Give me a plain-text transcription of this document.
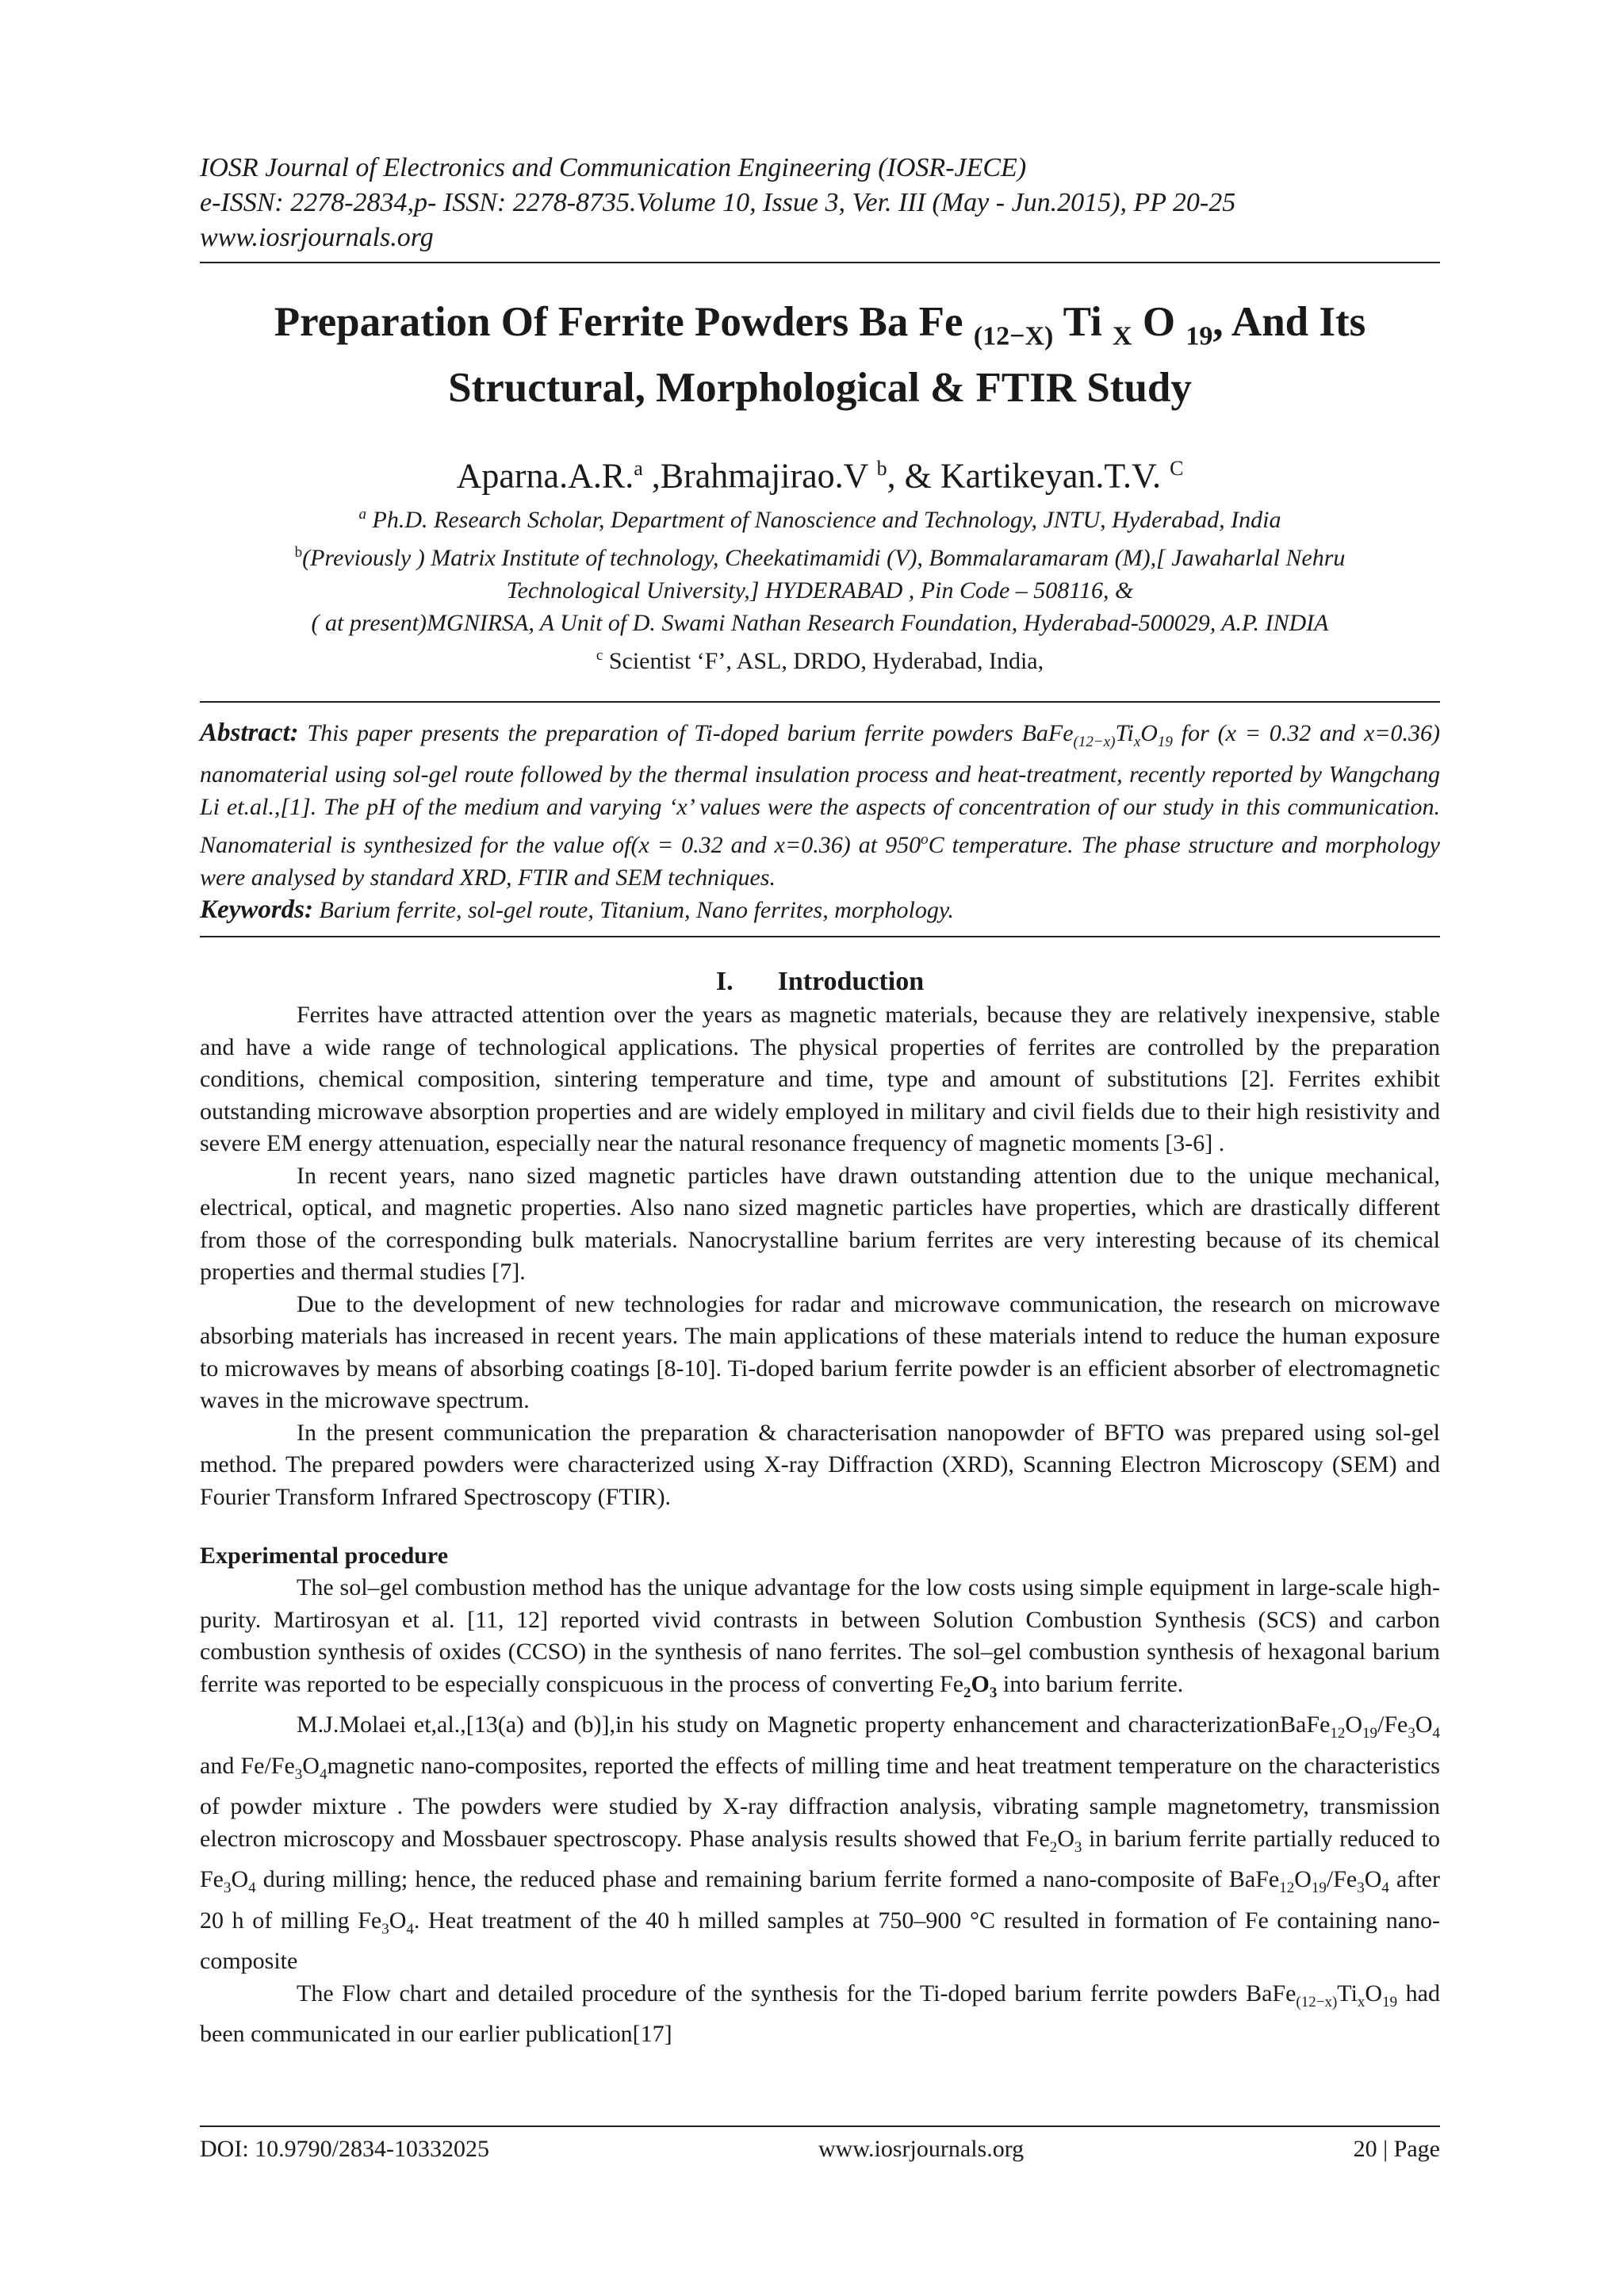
IOSR Journal of Electronics and Communication Engineering (IOSR-JECE)
e-ISSN: 2278-2834,p- ISSN: 2278-8735.Volume 10, Issue 3, Ver. III (May - Jun.2015), PP 20-25
www.iosrjournals.org
Preparation Of Ferrite Powders Ba Fe $_{(12-X)}$ Ti $_X$ O $_{19}$, And Its
Structural, Morphological & FTIR Study
Aparna.A.R.$^a$ ,Brahmajirao.V $^b$, & Kartikeyan.T.V. $^C$
$^a$ Ph.D. Research Scholar, Department of Nanoscience and Technology, JNTU, Hyderabad, India
$^b$(Previously ) Matrix Institute of technology, Cheekatimamidi (V), Bommalaramaram (M),[ Jawaharlal Nehru
Technological University,] HYDERABAD , Pin Code – 508116, &
( at present)MGNIRSA, A Unit of D. Swami Nathan Research Foundation, Hyderabad-500029, A.P. INDIA
$^c$ Scientist ‘F’, ASL, DRDO, Hyderabad, India,
Abstract: This paper presents the preparation of Ti-doped barium ferrite powders $BaFe_{(12-x)}Ti_xO_{19}$ for (x = 0.32 and x=0.36) nanomaterial using sol-gel route followed by the thermal insulation process and heat-treatment, recently reported by Wangchang Li et.al.,[1]. The pH of the medium and varying ‘x’ values were the aspects of concentration of our study in this communication. Nanomaterial is synthesized for the value of(x = 0.32 and x=0.36) at 950$^o$C temperature. The phase structure and morphology were analysed by standard XRD, FTIR and SEM techniques.
Keywords: Barium ferrite, sol-gel route, Titanium, Nano ferrites, morphology.
I. Introduction

Ferrites have attracted attention over the years as magnetic materials, because they are relatively inexpensive, stable and have a wide range of technological applications. The physical properties of ferrites are controlled by the preparation conditions, chemical composition, sintering temperature and time, type and amount of substitutions [2]. Ferrites exhibit outstanding microwave absorption properties and are widely employed in military and civil fields due to their high resistivity and severe EM energy attenuation, especially near the natural resonance frequency of magnetic moments [3-6] .

In recent years, nano sized magnetic particles have drawn outstanding attention due to the unique mechanical, electrical, optical, and magnetic properties. Also nano sized magnetic particles have properties, which are drastically different from those of the corresponding bulk materials. Nanocrystalline barium ferrites are very interesting because of its chemical properties and thermal studies [7].

Due to the development of new technologies for radar and microwave communication, the research on microwave absorbing materials has increased in recent years. The main applications of these materials intend to reduce the human exposure to microwaves by means of absorbing coatings [8-10]. Ti-doped barium ferrite powder is an efficient absorber of electromagnetic waves in the microwave spectrum.

In the present communication the preparation & characterisation nanopowder of BFTO was prepared using sol-gel method. The prepared powders were characterized using X-ray Diffraction (XRD), Scanning Electron Microscopy (SEM) and Fourier Transform Infrared Spectroscopy (FTIR).

Experimental procedure

The sol–gel combustion method has the unique advantage for the low costs using simple equipment in large-scale high-purity. Martirosyan et al. [11, 12] reported vivid contrasts in between Solution Combustion Synthesis (SCS) and carbon combustion synthesis of oxides (CCSO) in the synthesis of nano ferrites. The sol–gel combustion synthesis of hexagonal barium ferrite was reported to be especially conspicuous in the process of converting $Fe_2O_3$ into barium ferrite.

M.J.Molaei et,al.,[13(a) and (b)],in his study on Magnetic property enhancement and $characterizationBaFe_{12}O_{19}/Fe_3O_4$ and $Fe/Fe_3O_4magnetic$ nano-composites, reported the effects of milling time and heat treatment temperature on the characteristics of powder mixture . The powders were studied by X-ray diffraction analysis, vibrating sample magnetometry, transmission electron microscopy and Mossbauer spectroscopy. Phase analysis results showed that $Fe_2O_3$ in barium ferrite partially reduced to $Fe_3O_4$ during milling; hence, the reduced phase and remaining barium ferrite formed a nano-composite of $BaFe_{12}O_{19}/Fe_3O_4$ after 20 h of milling $Fe_3O_4$. Heat treatment of the 40 h milled samples at 750–900 °C resulted in formation of Fe containing nano-composite

The Flow chart and detailed procedure of the synthesis for the Ti-doped barium ferrite powders $BaFe_{(12-x)}Ti_xO_{19}$ had been communicated in our earlier publication[17]

DOI: 10.9790/2834-10332025	www.iosrjournals.org	20 | Page
